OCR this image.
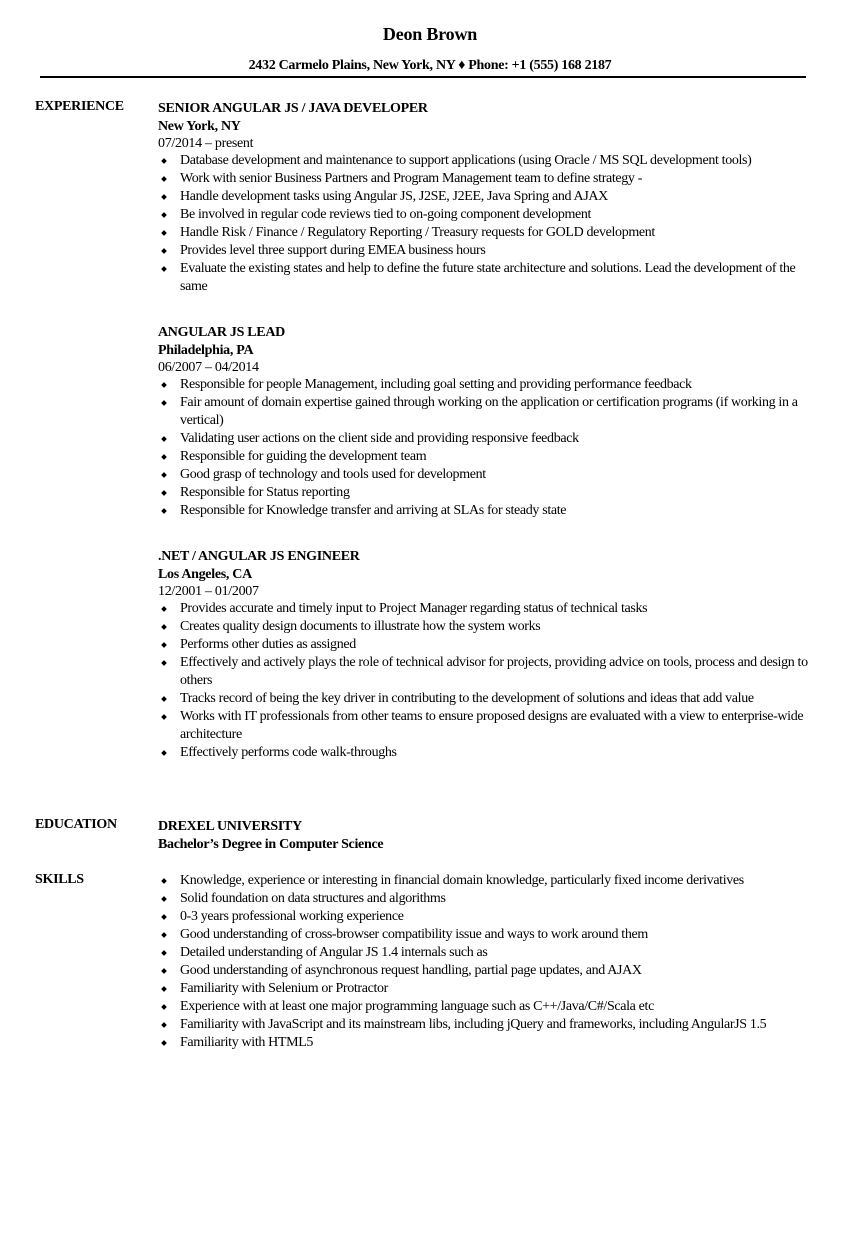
Deon Brown
2432 Carmelo Plains, New York, NY ♦ Phone: +1 (555) 168 2187
EXPERIENCE SENIOR ANGULAR JS / JAVA DEVELOPER
New York, NY
07/2014 – present
Database development and maintenance to support applications (using Oracle / MS SQL development tools)
Work with senior Business Partners and Program Management team to define strategy -
Handle development tasks using Angular JS, J2SE, J2EE, Java Spring and AJAX
Be involved in regular code reviews tied to on-going component development
Handle Risk / Finance / Regulatory Reporting / Treasury requests for GOLD development
Provides level three support during EMEA business hours
Evaluate the existing states and help to define the future state architecture and solutions. Lead the development of the same
ANGULAR JS LEAD
Philadelphia, PA
06/2007 – 04/2014
Responsible for people Management, including goal setting and providing performance feedback
Fair amount of domain expertise gained through working on the application or certification programs (if working in a vertical)
Validating user actions on the client side and providing responsive feedback
Responsible for guiding the development team
Good grasp of technology and tools used for development
Responsible for Status reporting
Responsible for Knowledge transfer and arriving at SLAs for steady state
.NET / ANGULAR JS ENGINEER
Los Angeles, CA
12/2001 – 01/2007
Provides accurate and timely input to Project Manager regarding status of technical tasks
Creates quality design documents to illustrate how the system works
Performs other duties as assigned
Effectively and actively plays the role of technical advisor for projects, providing advice on tools, process and design to others
Tracks record of being the key driver in contributing to the development of solutions and ideas that add value
Works with IT professionals from other teams to ensure proposed designs are evaluated with a view to enterprise-wide architecture
Effectively performs code walk-throughs
EDUCATION	DREXEL UNIVERSITY
Bachelor’s Degree in Computer Science
SKILLS	Knowledge, experience or interesting in financial domain knowledge, particularly fixed income derivatives
Solid foundation on data structures and algorithms
0-3 years professional working experience
Good understanding of cross-browser compatibility issue and ways to work around them
Detailed understanding of Angular JS 1.4 internals such as
Good understanding of asynchronous request handling, partial page updates, and AJAX
Familiarity with Selenium or Protractor
Experience with at least one major programming language such as C++/Java/C#/Scala etc
Familiarity with JavaScript and its mainstream libs, including jQuery and frameworks, including AngularJS 1.5
Familiarity with HTML5
